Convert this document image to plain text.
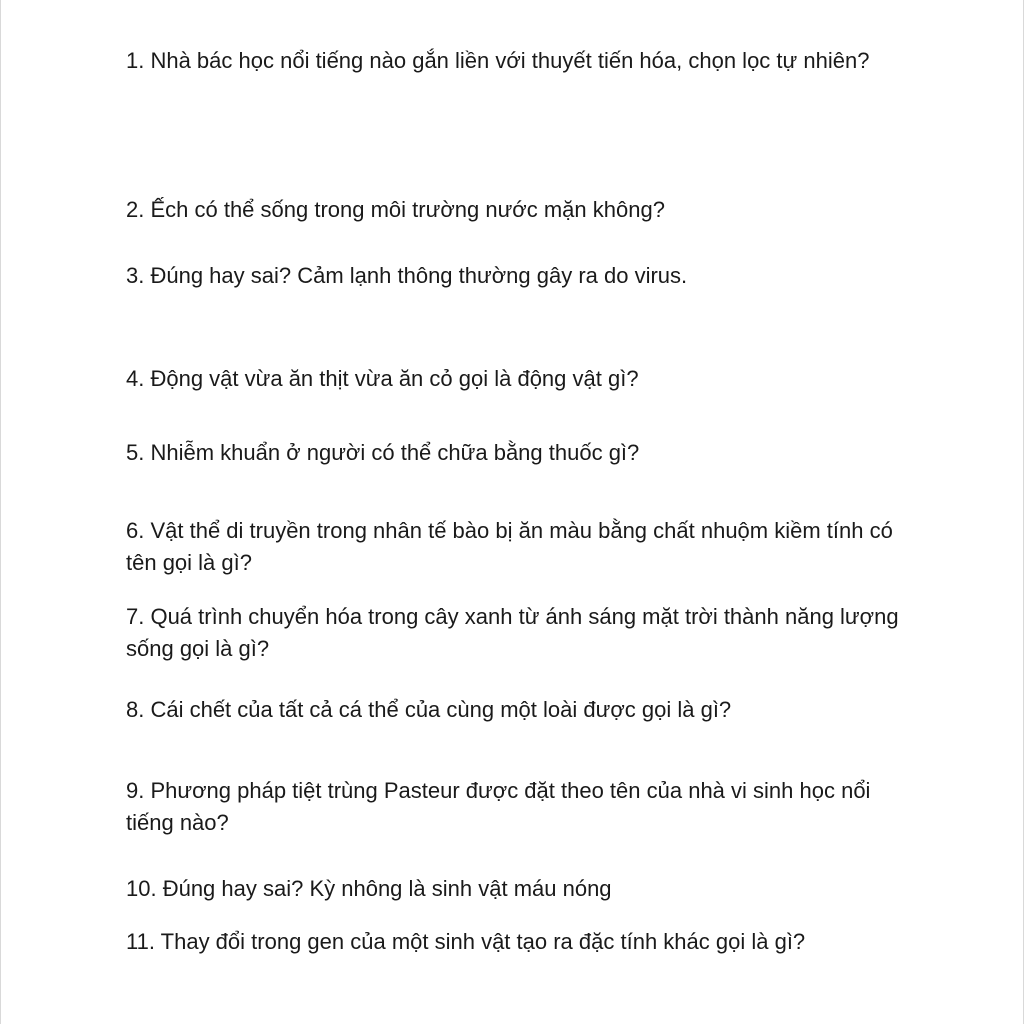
1. Nhà bác học nổi tiếng nào gắn liền với thuyết tiến hóa, chọn lọc tự nhiên?

2. Ếch có thể sống trong môi trường nước mặn không?

3. Đúng hay sai? Cảm lạnh thông thường gây ra do virus.

4. Động vật vừa ăn thịt vừa ăn cỏ gọi là động vật gì?

5. Nhiễm khuẩn ở người có thể chữa bằng thuốc gì?

6. Vật thể di truyền trong nhân tế bào bị ăn màu bằng chất nhuộm kiềm tính có tên gọi là gì?

7. Quá trình chuyển hóa trong cây xanh từ ánh sáng mặt trời thành năng lượng sống gọi là gì?

8. Cái chết của tất cả cá thể của cùng một loài được gọi là gì?

9. Phương pháp tiệt trùng Pasteur được đặt theo tên của nhà vi sinh học nổi tiếng nào?

10. Đúng hay sai? Kỳ nhông là sinh vật máu nóng

11. Thay đổi trong gen của một sinh vật tạo ra đặc tính khác gọi là gì?
